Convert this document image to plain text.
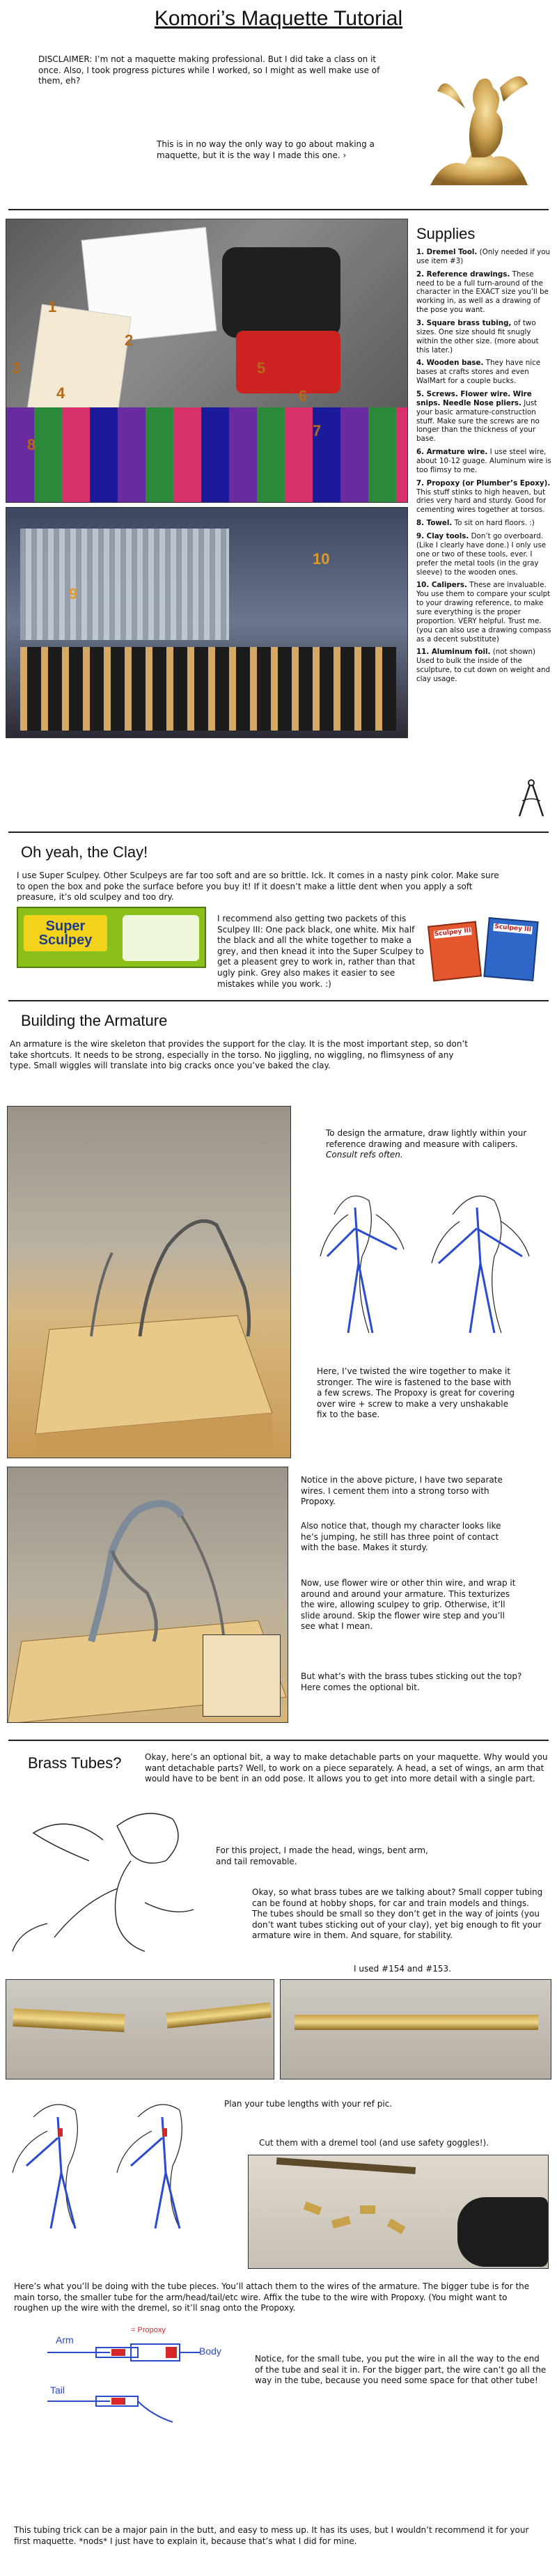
Komori’s Maquette Tutorial
DISCLAIMER: I’m not a maquette making professional. But I did take a class on it once. Also, I took progress pictures while I worked, so I might as well make use of them, eh?
This is in no way the only way to go about making a maquette, but it is the way I made this one. ›
3
4
1
2
5
6
7
8
9
10
Supplies
1. Dremel Tool. (Only needed if you use item #3)
2. Reference drawings. These need to be a full turn-around of the character in the EXACT size you’ll be working in, as well as a drawing of the pose you want.
3. Square brass tubing, of two sizes. One size should fit snugly within the other size. (more about this later.)
4. Wooden base. They have nice bases at crafts stores and even WalMart for a couple bucks.
5. Screws. Flower wire. Wire snips. Needle Nose pliers. Just your basic armature-construction stuff. Make sure the screws are no longer than the thickness of your base.
6. Armature wire. I use steel wire, about 10-12 guage. Aluminum wire is too flimsy to me.
7. Propoxy (or Plumber’s Epoxy). This stuff stinks to high heaven, but dries very hard and sturdy. Good for cementing wires together at torsos.
8. Towel. To sit on hard floors. :)
9. Clay tools. Don’t go overboard. (Like I clearly have done.) I only use one or two of these tools, ever. I prefer the metal tools (in the gray sleeve) to the wooden ones.
10. Calipers. These are invaluable. You use them to compare your sculpt to your drawing reference, to make sure everything is the proper proportion. VERY helpful. Trust me. (you can also use a drawing compass as a decent substitute)
11. Aluminum foil. (not shown) Used to bulk the inside of the sculpture, to cut down on weight and clay usage.
Oh yeah, the Clay!
I use Super Sculpey. Other Sculpeys are far too soft and are so brittle. Ick. It comes in a nasty pink color. Make sure to open the box and poke the surface before you buy it! If it doesn’t make a little dent when you apply a soft preasure, it’s old sculpey and too dry.
Super Sculpey
I recommend also getting two packets of this Sculpey III: One pack black, one white. Mix half the black and all the white together to make a grey, and then knead it into the Super Sculpey to get a pleasent grey to work in, rather than that ugly pink. Grey also makes it easier to see mistakes while you work. :)
Sculpey III	Sculpey III
Building the Armature
An armature is the wire skeleton that provides the support for the clay. It is the most important step, so don’t take shortcuts. It needs to be strong, especially in the torso. No jiggling, no wiggling, no flimsyness of any type. Small wiggles will translate into big cracks once you’ve baked the clay.
To design the armature, draw lightly within your reference drawing and measure with calipers. Consult refs often.
Here, I’ve twisted the wire together to make it stronger. The wire is fastened to the base with a few screws. The Propoxy is great for covering over wire + screw to make a very unshakable fix to the base.
Notice in the above picture, I have two separate wires. I cement them into a strong torso with Propoxy.
Also notice that, though my character looks like he’s jumping, he still has three point of contact with the base. Makes it sturdy.
Now, use flower wire or other thin wire, and wrap it around and around your armature. This texturizes the wire, allowing sculpey to grip. Otherwise, it’ll slide around. Skip the flower wire step and you’ll see what I mean.
But what’s with the brass tubes sticking out the top? Here comes the optional bit.
Brass Tubes?	Okay, here’s an optional bit, a way to make detachable parts on your maquette. Why would you want detachable parts? Well, to work on a piece separately. A head, a set of wings, an arm that would have to be bent in an odd pose. It allows you to get into more detail with a single part.
For this project, I made the head, wings, bent arm, and tail removable.
Okay, so what brass tubes are we talking about? Small copper tubing can be found at hobby shops, for car and train models and things. The tubes should be small so they don’t get in the way of joints (you don’t want tubes sticking out of your clay), yet big enough to fit your armature wire in them. And square, for stability.
I used #154 and #153.
Plan your tube lengths with your ref pic.
Cut them with a dremel tool (and use safety goggles!).
Here’s what you’ll be doing with the tube pieces. You’ll attach them to the wires of the armature. The bigger tube is for the main torso, the smaller tube for the arm/head/tail/etc wire. Affix the tube to the wire with Propoxy. (You might want to roughen up the wire with the dremel, so it’ll snag onto the Propoxy.
Arm
= Propoxy
Body
Tail
Notice, for the small tube, you put the wire in all the way to the end of the tube and seal it in. For the bigger part, the wire can’t go all the way in the tube, because you need some space for that other tube!
This tubing trick can be a major pain in the butt, and easy to mess up. It has its uses, but I wouldn’t recommend it for your first maquette. *nods* I just have to explain it, because that’s what I did for mine.
